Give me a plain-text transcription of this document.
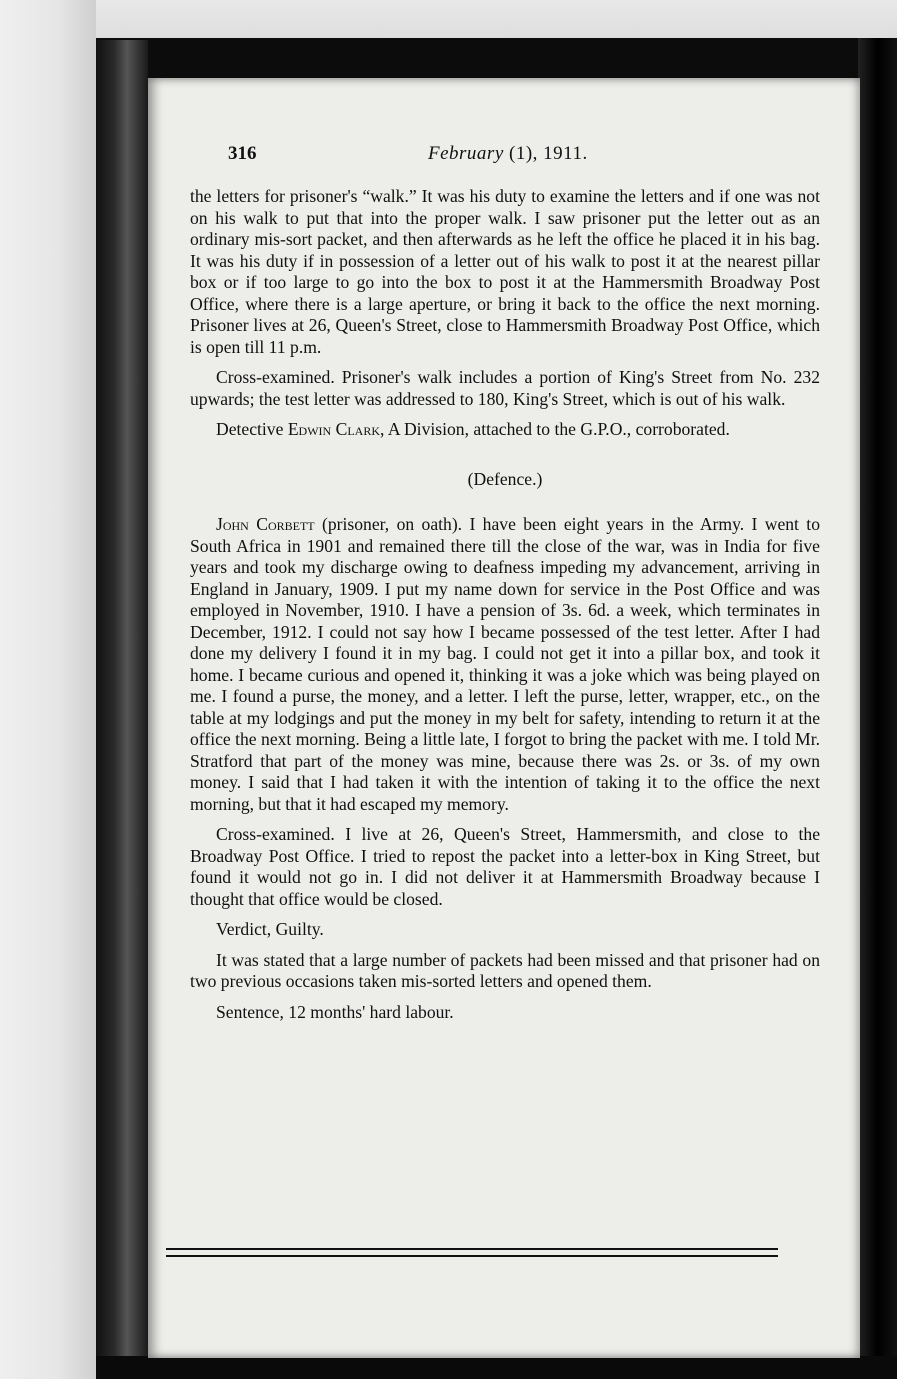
316	February (1), 1911.

the letters for prisoner's “walk.” It was his duty to examine the letters and if one was not on his walk to put that into the proper walk. I saw prisoner put the letter out as an ordinary mis-sort packet, and then afterwards as he left the office he placed it in his bag. It was his duty if in possession of a letter out of his walk to post it at the nearest pillar box or if too large to go into the box to post it at the Hammersmith Broadway Post Office, where there is a large aperture, or bring it back to the office the next morning. Prisoner lives at 26, Queen's Street, close to Hammersmith Broadway Post Office, which is open till 11 p.m.

Cross-examined. Prisoner's walk includes a portion of King's Street from No. 232 upwards; the test letter was addressed to 180, King's Street, which is out of his walk.

Detective Edwin Clark, A Division, attached to the G.P.O., corroborated.

(Defence.)

John Corbett (prisoner, on oath). I have been eight years in the Army. I went to South Africa in 1901 and remained there till the close of the war, was in India for five years and took my discharge owing to deafness impeding my advancement, arriving in England in January, 1909. I put my name down for service in the Post Office and was employed in November, 1910. I have a pension of 3s. 6d. a week, which terminates in December, 1912. I could not say how I became possessed of the test letter. After I had done my delivery I found it in my bag. I could not get it into a pillar box, and took it home. I became curious and opened it, thinking it was a joke which was being played on me. I found a purse, the money, and a letter. I left the purse, letter, wrapper, etc., on the table at my lodgings and put the money in my belt for safety, intending to return it at the office the next morning. Being a little late, I forgot to bring the packet with me. I told Mr. Stratford that part of the money was mine, because there was 2s. or 3s. of my own money. I said that I had taken it with the intention of taking it to the office the next morning, but that it had escaped my memory.

Cross-examined. I live at 26, Queen's Street, Hammersmith, and close to the Broadway Post Office. I tried to repost the packet into a letter-box in King Street, but found it would not go in. I did not deliver it at Hammersmith Broadway because I thought that office would be closed.

Verdict, Guilty.

It was stated that a large number of packets had been missed and that prisoner had on two previous occasions taken mis-sorted letters and opened them.

Sentence, 12 months' hard labour.
